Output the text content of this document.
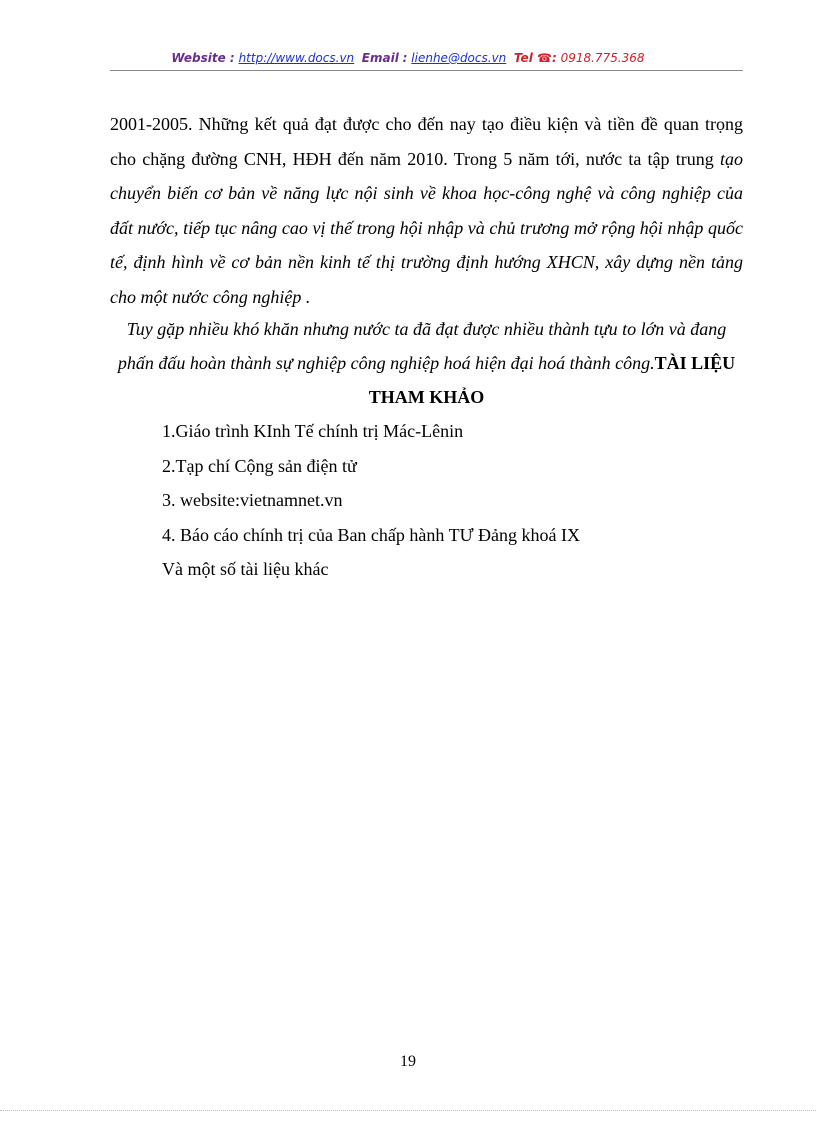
Website : http://www.docs.vn Email : lienhe@docs.vn Tel ☎: 0918.775.368

2001-2005. Những kết quả đạt được cho đến nay tạo điều kiện và tiền đề quan trọng cho chặng đường CNH, HĐH đến năm 2010. Trong 5 năm tới, nước ta tập trung tạo chuyển biến cơ bản về năng lực nội sinh về khoa học-công nghệ và công nghiệp của đất nước, tiếp tục nâng cao vị thế trong hội nhập và chủ trương mở rộng hội nhập quốc tế, định hình về cơ bản nền kinh tế thị trường định hướng XHCN, xây dựng nền tảng cho một nước công nghiệp .

Tuy gặp nhiều khó khăn nhưng nước ta đã đạt được nhiều thành tựu to lớn và đang phấn đấu hoàn thành sự nghiệp công nghiệp hoá hiện đại hoá thành công.TÀI LIỆU THAM KHẢO

1.Giáo trình KInh Tế chính trị Mác-Lênin
2.Tạp chí Cộng sản điện tử
3. website:vietnamnet.vn
4. Báo cáo chính trị của Ban chấp hành TƯ Đảng khoá IX
Và một số tài liệu khác
19
